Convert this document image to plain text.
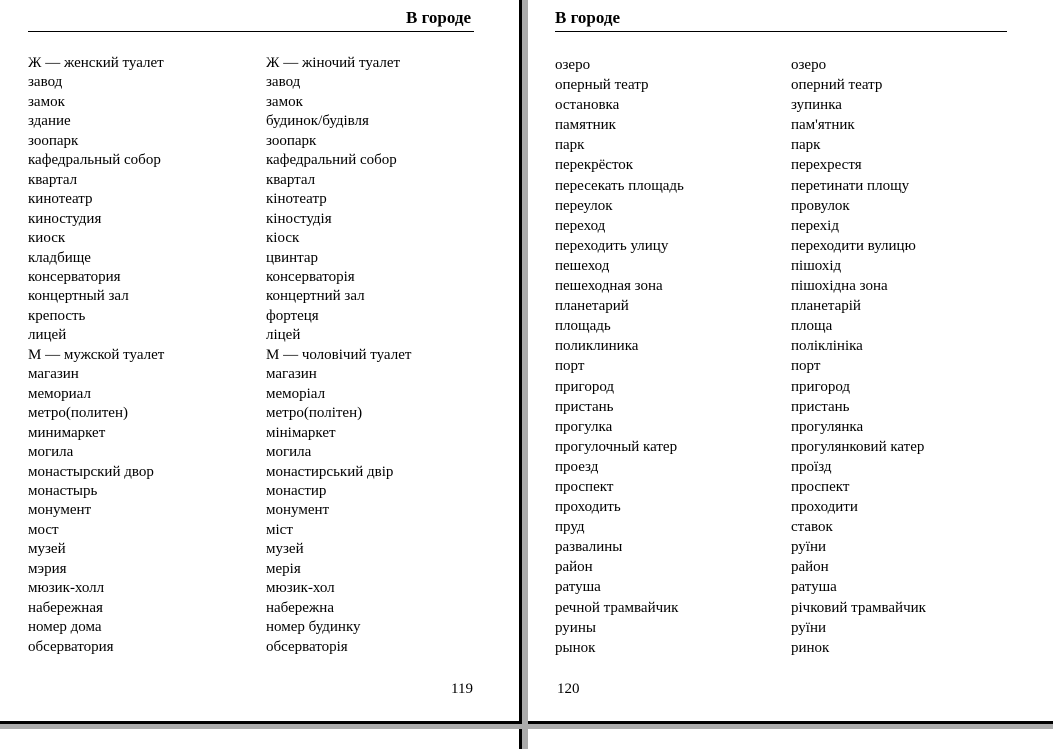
В городе
Ж — женский туалет
завод
замок
здание
зоопарк
кафедральный собор
квартал
кинотеатр
киностудия
киоск
кладбище
консерватория
концертный зал
крепость
лицей
М — мужской туалет
магазин
мемориал
метро(политен)
минимаркет
могила
монастырский двор
монастырь
монумент
мост
музей
мэрия
мюзик-холл
набережная
номер дома
обсерватория
Ж — жіночий туалет
завод
замок
будинок/будівля
зоопарк
кафедральний собор
квартал
кінотеатр
кіностудія
кіоск
цвинтар
консерваторія
концертний зал
фортеця
ліцей
М — чоловічий туалет
магазин
меморіал
метро(політен)
мінімаркет
могила
монастирський двір
монастир
монумент
міст
музей
мерія
мюзик-хол
набережна
номер будинку
обсерваторія
119
В городе
озеро
оперный театр
остановка
памятник
парк
перекрёсток
пересекать площадь
переулок
переход
переходить улицу
пешеход
пешеходная зона
планетарий
площадь
поликлиника
порт
пригород
пристань
прогулка
прогулочный катер
проезд
проспект
проходить
пруд
развалины
район
ратуша
речной трамвайчик
руины
рынок
озеро
оперний театр
зупинка
пам'ятник
парк
перехрестя
перетинати площу
провулок
перехід
переходити вулицю
пішохід
пішохідна зона
планетарій
площа
поліклініка
порт
пригород
пристань
прогулянка
прогулянковий катер
проїзд
проспект
проходити
ставок
руїни
район
ратуша
річковий трамвайчик
руїни
ринок
120
